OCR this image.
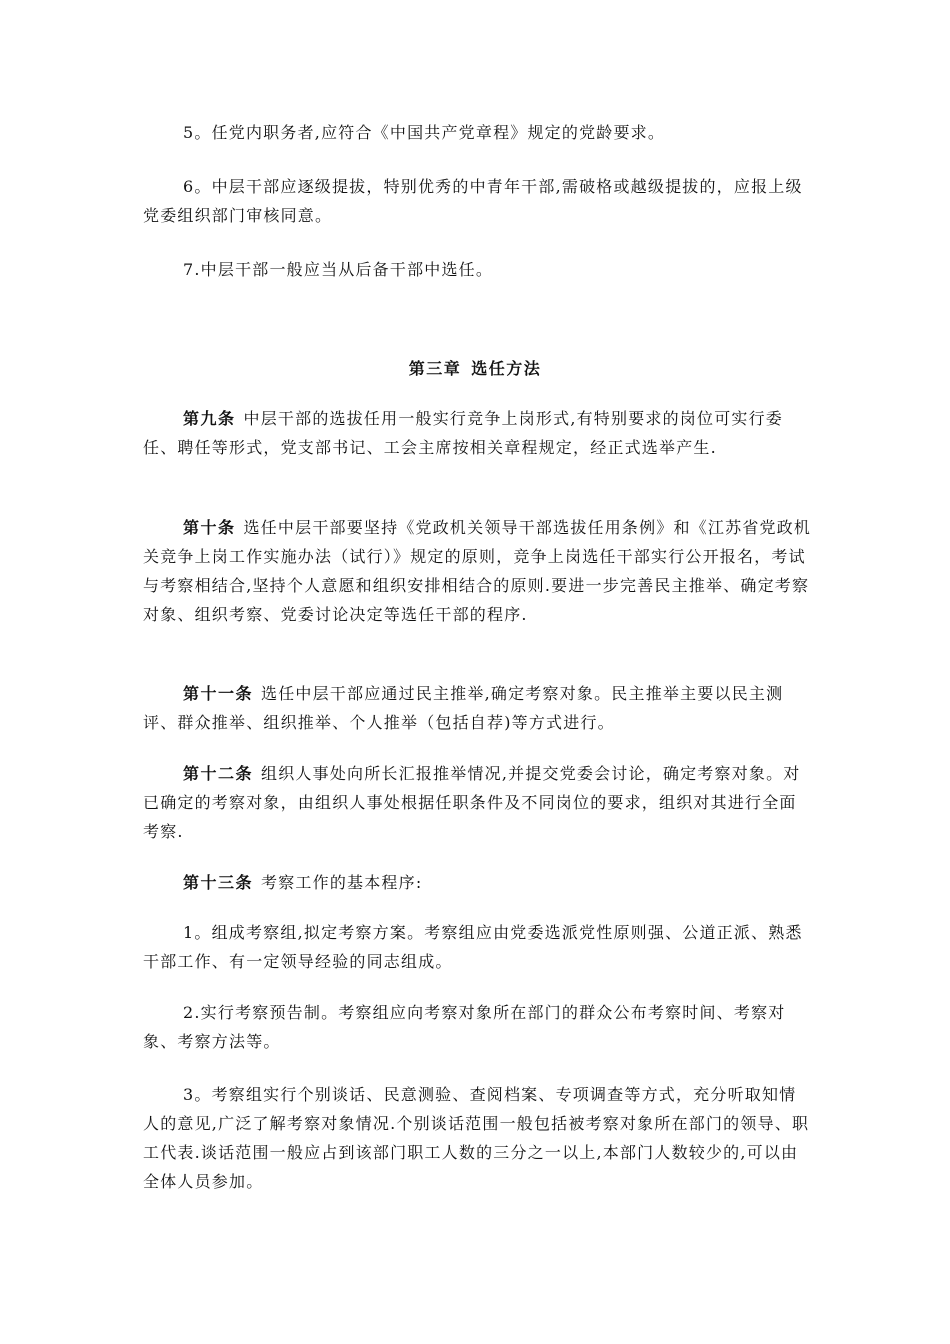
5。任党内职务者,应符合《中国共产党章程》规定的党龄要求。

6。中层干部应逐级提拔，特别优秀的中青年干部,需破格或越级提拔的，应报上级党委组织部门审核同意。

7.中层干部一般应当从后备干部中选任。

第三章 选任方法

第九条 中层干部的选拔任用一般实行竞争上岗形式,有特别要求的岗位可实行委任、聘任等形式，党支部书记、工会主席按相关章程规定，经正式选举产生.

第十条 选任中层干部要坚持《党政机关领导干部选拔任用条例》和《江苏省党政机关竞争上岗工作实施办法（试行）》规定的原则，竞争上岗选任干部实行公开报名，考试与考察相结合,坚持个人意愿和组织安排相结合的原则.要进一步完善民主推举、确定考察对象、组织考察、党委讨论决定等选任干部的程序.

第十一条 选任中层干部应通过民主推举,确定考察对象。民主推举主要以民主测评、群众推举、组织推举、个人推举（包括自荐)等方式进行。

第十二条 组织人事处向所长汇报推举情况,并提交党委会讨论，确定考察对象。对已确定的考察对象，由组织人事处根据任职条件及不同岗位的要求，组织对其进行全面考察.

第十三条 考察工作的基本程序:

1。组成考察组,拟定考察方案。考察组应由党委选派党性原则强、公道正派、熟悉干部工作、有一定领导经验的同志组成。

2.实行考察预告制。考察组应向考察对象所在部门的群众公布考察时间、考察对象、考察方法等。

3。考察组实行个别谈话、民意测验、查阅档案、专项调查等方式，充分听取知情人的意见,广泛了解考察对象情况.个别谈话范围一般包括被考察对象所在部门的领导、职工代表.谈话范围一般应占到该部门职工人数的三分之一以上,本部门人数较少的,可以由全体人员参加。
